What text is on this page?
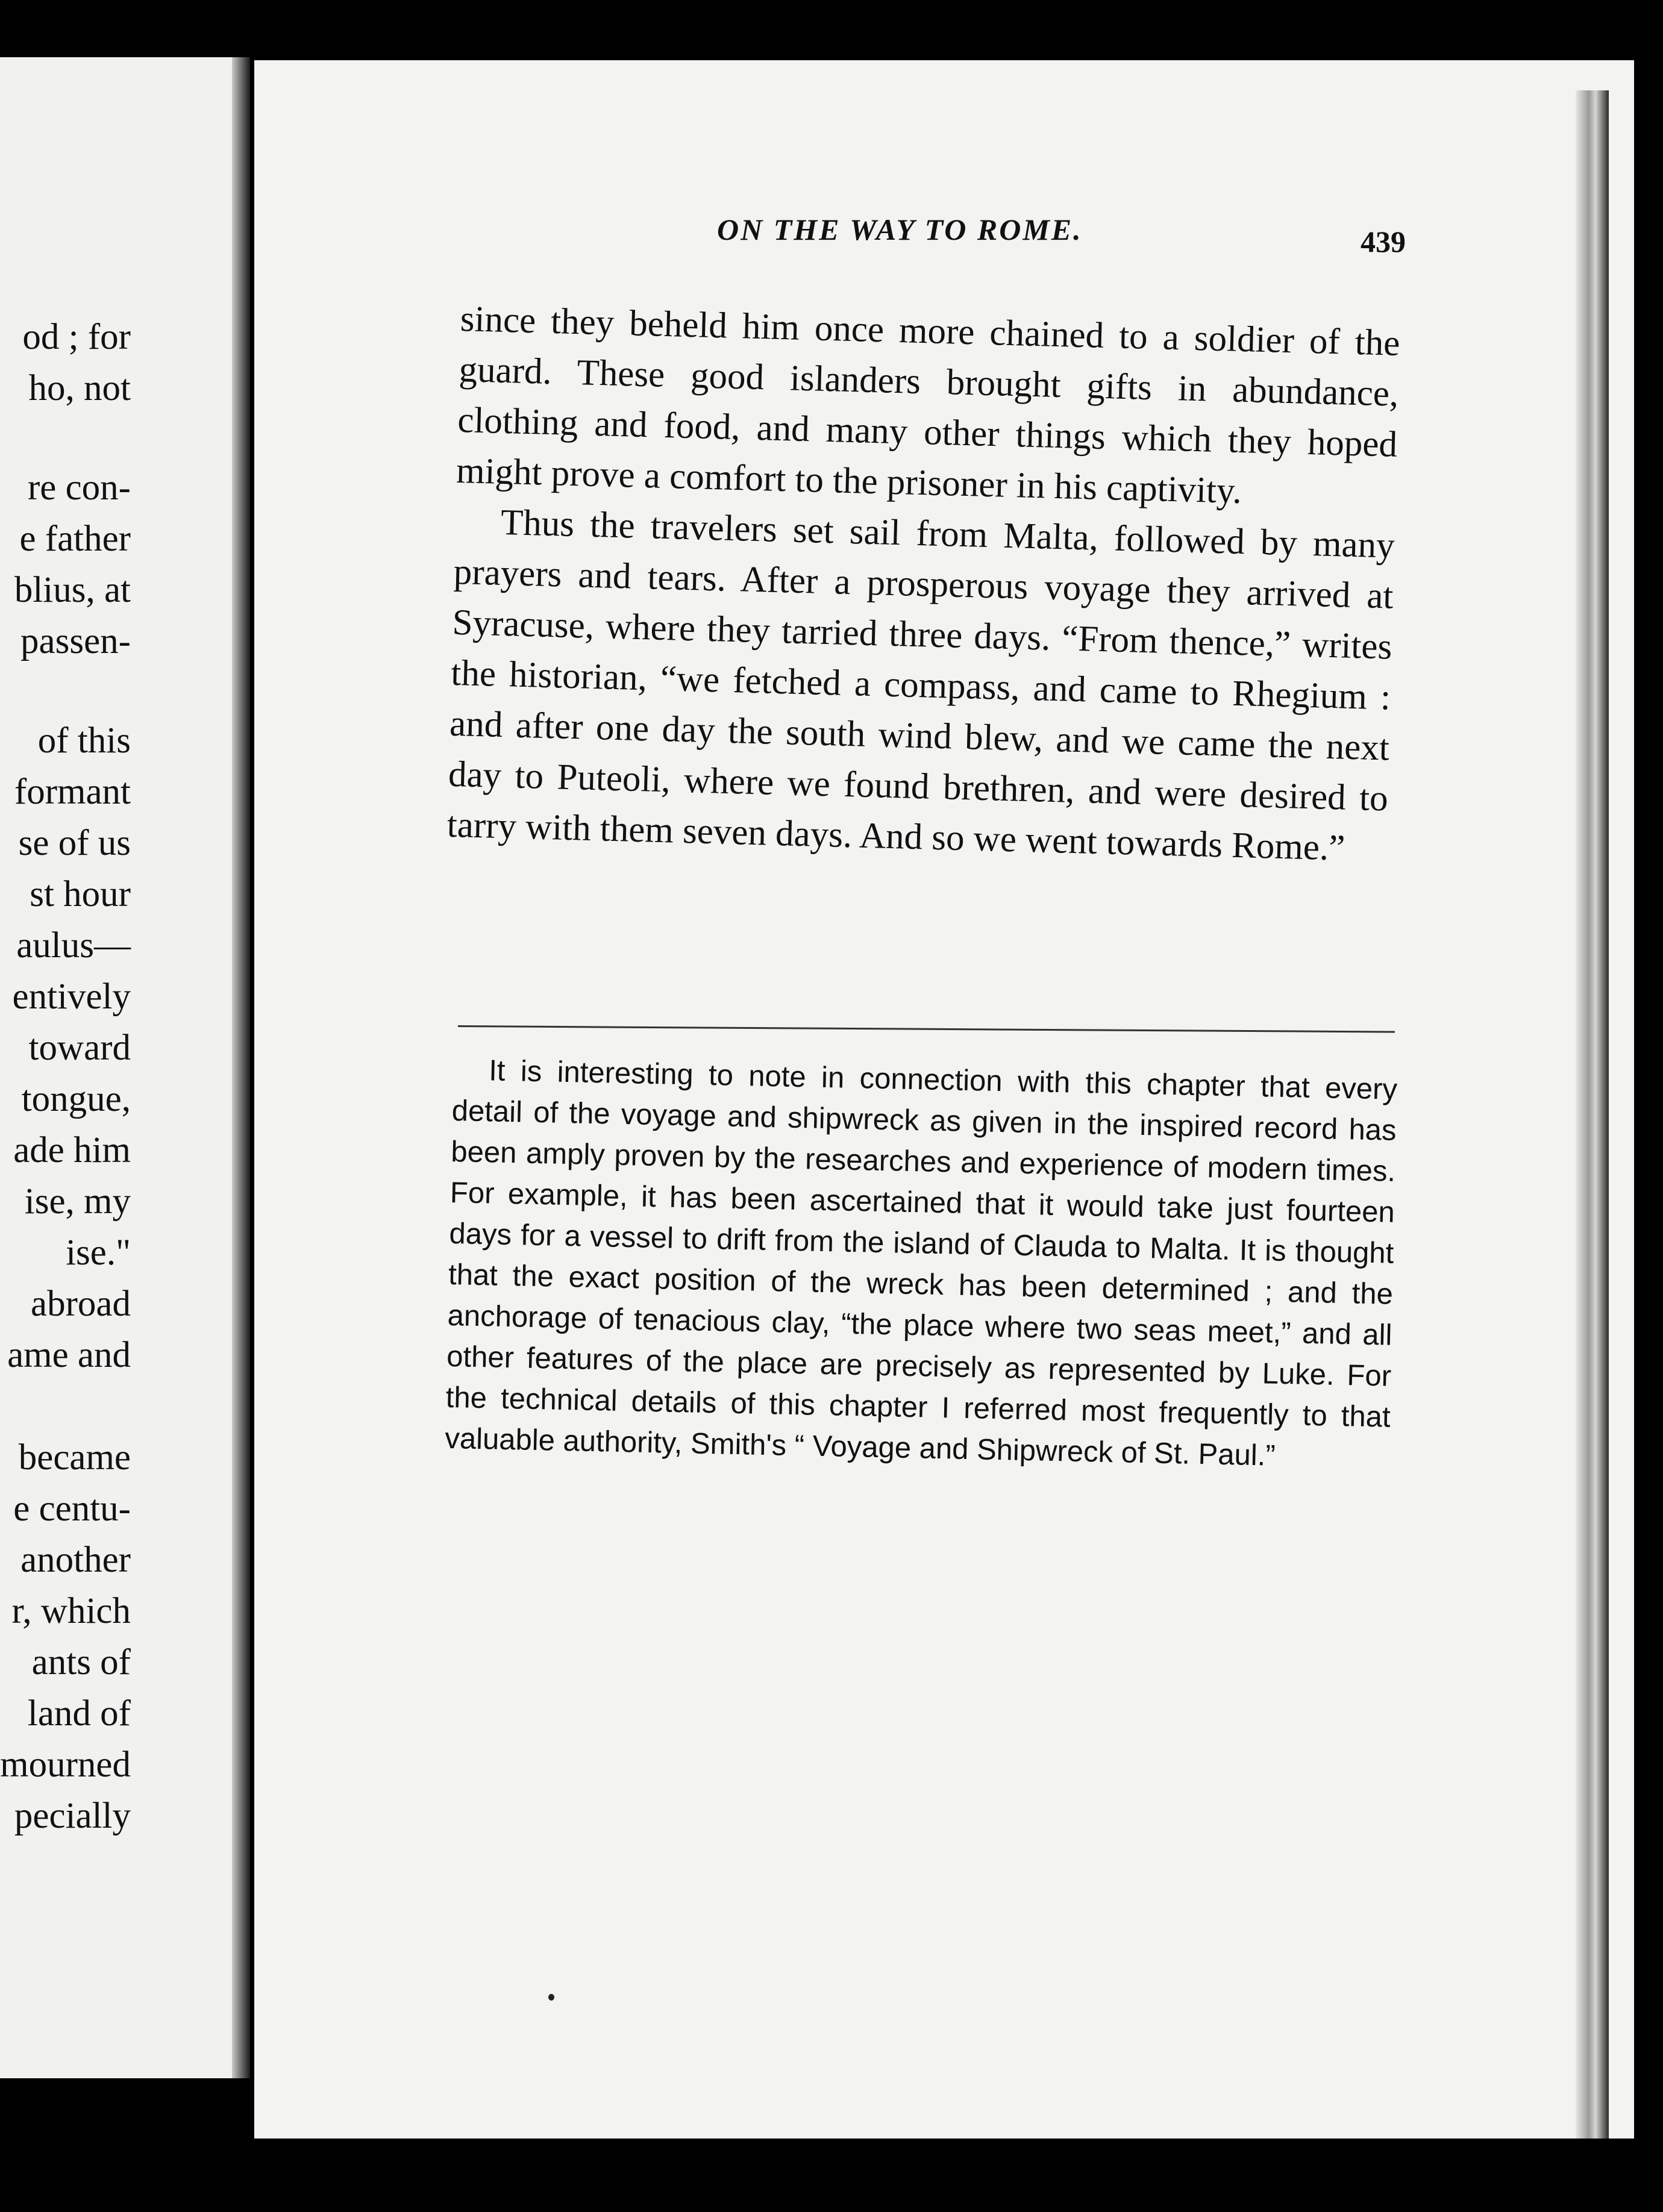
od ; for
ho, not
re con-
e father
blius, at
passen-
of this
formant
se of us
st hour
aulus—
entively
toward
tongue,
ade him
ise, my
ise."
abroad
ame and
became
e centu-
another
r, which
ants of
land of
mourned
pecially
ON THE WAY TO ROME.	439

since they beheld him once more chained to a soldier of the guard. These good islanders brought gifts in abundance, clothing and food, and many other things which they hoped might prove a comfort to the prisoner in his captivity.

Thus the travelers set sail from Malta, followed by many prayers and tears. After a prosperous voyage they arrived at Syracuse, where they tarried three days. “From thence,” writes the historian, “we fetched a compass, and came to Rhegium : and after one day the south wind blew, and we came the next day to Puteoli, where we found brethren, and were desired to tarry with them seven days. And so we went towards Rome.”

It is interesting to note in connection with this chapter that every detail of the voyage and shipwreck as given in the inspired record has been amply proven by the researches and experience of modern times. For example, it has been ascertained that it would take just fourteen days for a vessel to drift from the island of Clauda to Malta. It is thought that the exact position of the wreck has been determined ; and the anchorage of tenacious clay, “the place where two seas meet,” and all other features of the place are precisely as represented by Luke. For the technical details of this chapter I referred most frequently to that valuable authority, Smith's “ Voyage and Shipwreck of St. Paul.”
